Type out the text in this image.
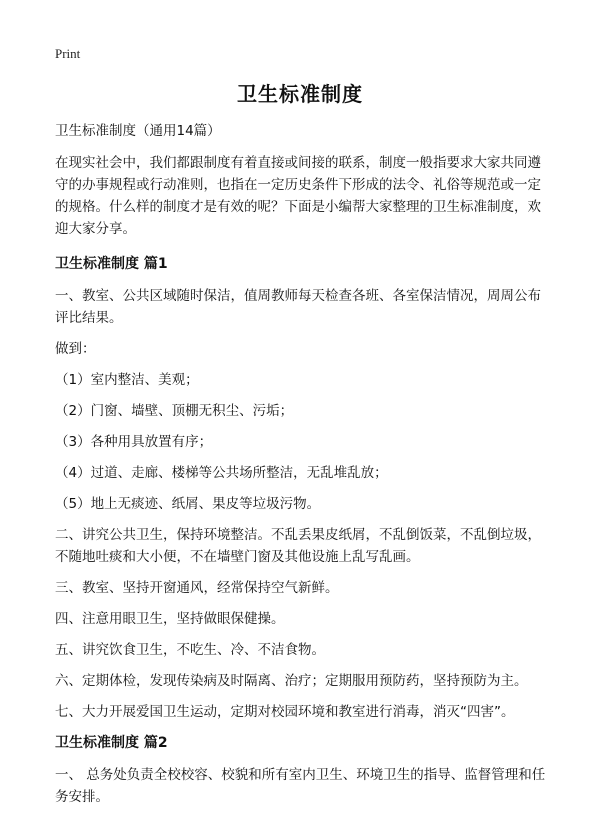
Print
卫生标准制度

卫生标准制度（通用14篇）

在现实社会中，我们都跟制度有着直接或间接的联系，制度一般指要求大家共同遵守的办事规程或行动准则，也指在一定历史条件下形成的法令、礼俗等规范或一定的规格。什么样的制度才是有效的呢？下面是小编帮大家整理的卫生标准制度，欢迎大家分享。

卫生标准制度 篇1

一、教室、公共区域随时保洁，值周教师每天检查各班、各室保洁情况，周周公布评比结果。

做到：

（1）室内整洁、美观；

（2）门窗、墙壁、顶棚无积尘、污垢；

（3）各种用具放置有序；

（4）过道、走廊、楼梯等公共场所整洁，无乱堆乱放；

（5）地上无痰迹、纸屑、果皮等垃圾污物。

二、讲究公共卫生，保持环境整洁。不乱丢果皮纸屑，不乱倒饭菜，不乱倒垃圾，不随地吐痰和大小便，不在墙壁门窗及其他设施上乱写乱画。

三、教室、坚持开窗通风，经常保持空气新鲜。

四、注意用眼卫生，坚持做眼保健操。

五、讲究饮食卫生，不吃生、冷、不洁食物。

六、定期体检，发现传染病及时隔离、治疗；定期服用预防药，坚持预防为主。

七、大力开展爱国卫生运动，定期对校园环境和教室进行消毒，消灭“四害”。

卫生标准制度 篇2

一、 总务处负责全校校容、校貌和所有室内卫生、环境卫生的指导、监督管理和任务安排。
